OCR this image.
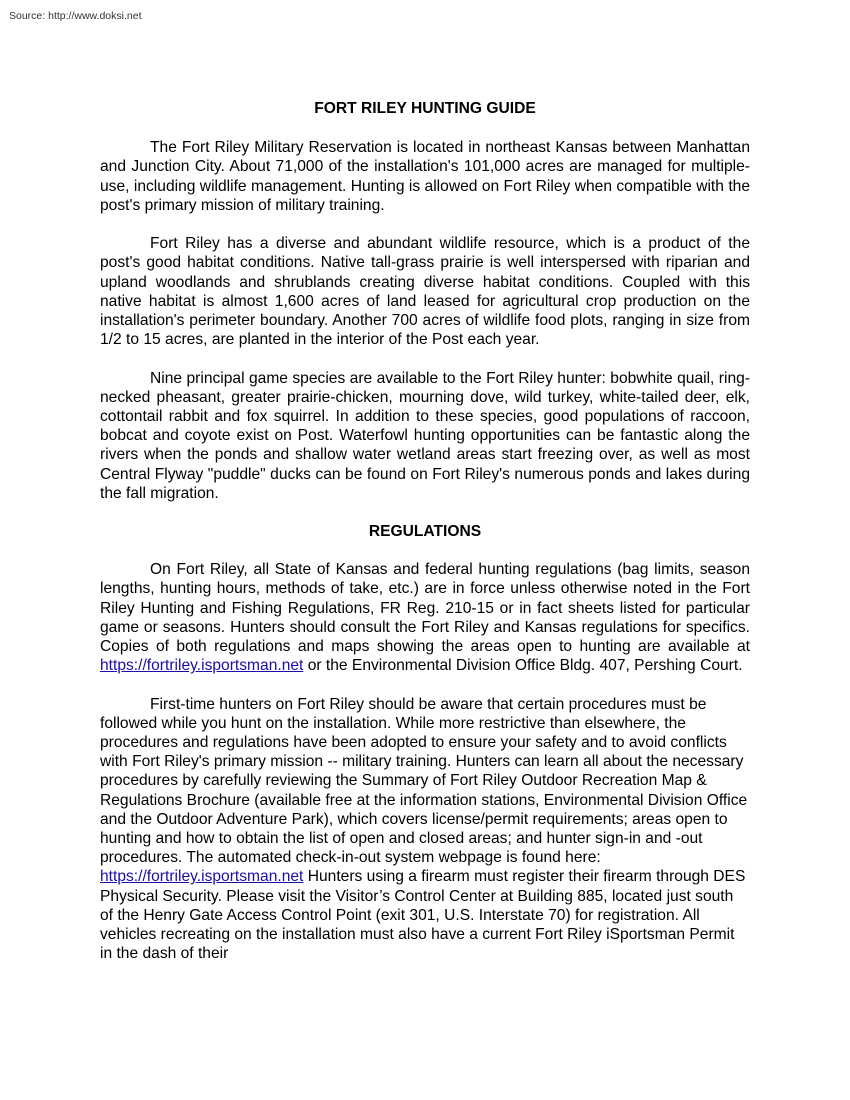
Source: http://www.doksi.net
FORT RILEY HUNTING GUIDE

The Fort Riley Military Reservation is located in northeast Kansas between Manhattan and Junction City. About 71,000 of the installation's 101,000 acres are managed for multiple-use, including wildlife management. Hunting is allowed on Fort Riley when compatible with the post's primary mission of military training.

Fort Riley has a diverse and abundant wildlife resource, which is a product of the post's good habitat conditions. Native tall-grass prairie is well interspersed with riparian and upland woodlands and shrublands creating diverse habitat conditions. Coupled with this native habitat is almost 1,600 acres of land leased for agricultural crop production on the installation's perimeter boundary. Another 700 acres of wildlife food plots, ranging in size from 1/2 to 15 acres, are planted in the interior of the Post each year.

Nine principal game species are available to the Fort Riley hunter: bobwhite quail, ring-necked pheasant, greater prairie-chicken, mourning dove, wild turkey, white-tailed deer, elk, cottontail rabbit and fox squirrel. In addition to these species, good populations of raccoon, bobcat and coyote exist on Post. Waterfowl hunting opportunities can be fantastic along the rivers when the ponds and shallow water wetland areas start freezing over, as well as most Central Flyway "puddle" ducks can be found on Fort Riley's numerous ponds and lakes during the fall migration.

REGULATIONS

On Fort Riley, all State of Kansas and federal hunting regulations (bag limits, season lengths, hunting hours, methods of take, etc.) are in force unless otherwise noted in the Fort Riley Hunting and Fishing Regulations, FR Reg. 210-15 or in fact sheets listed for particular game or seasons. Hunters should consult the Fort Riley and Kansas regulations for specifics. Copies of both regulations and maps showing the areas open to hunting are available at https://fortriley.isportsman.net or the Environmental Division Office Bldg. 407, Pershing Court.

First-time hunters on Fort Riley should be aware that certain procedures must be followed while you hunt on the installation. While more restrictive than elsewhere, the procedures and regulations have been adopted to ensure your safety and to avoid conflicts with Fort Riley's primary mission -- military training. Hunters can learn all about the necessary procedures by carefully reviewing the Summary of Fort Riley Outdoor Recreation Map & Regulations Brochure (available free at the information stations, Environmental Division Office and the Outdoor Adventure Park), which covers license/permit requirements; areas open to hunting and how to obtain the list of open and closed areas; and hunter sign-in and -out procedures. The automated check-in-out system webpage is found here: https://fortriley.isportsman.net Hunters using a firearm must register their firearm through DES Physical Security. Please visit the Visitor’s Control Center at Building 885, located just south of the Henry Gate Access Control Point (exit 301, U.S. Interstate 70) for registration. All vehicles recreating on the installation must also have a current Fort Riley iSportsman Permit in the dash of their
